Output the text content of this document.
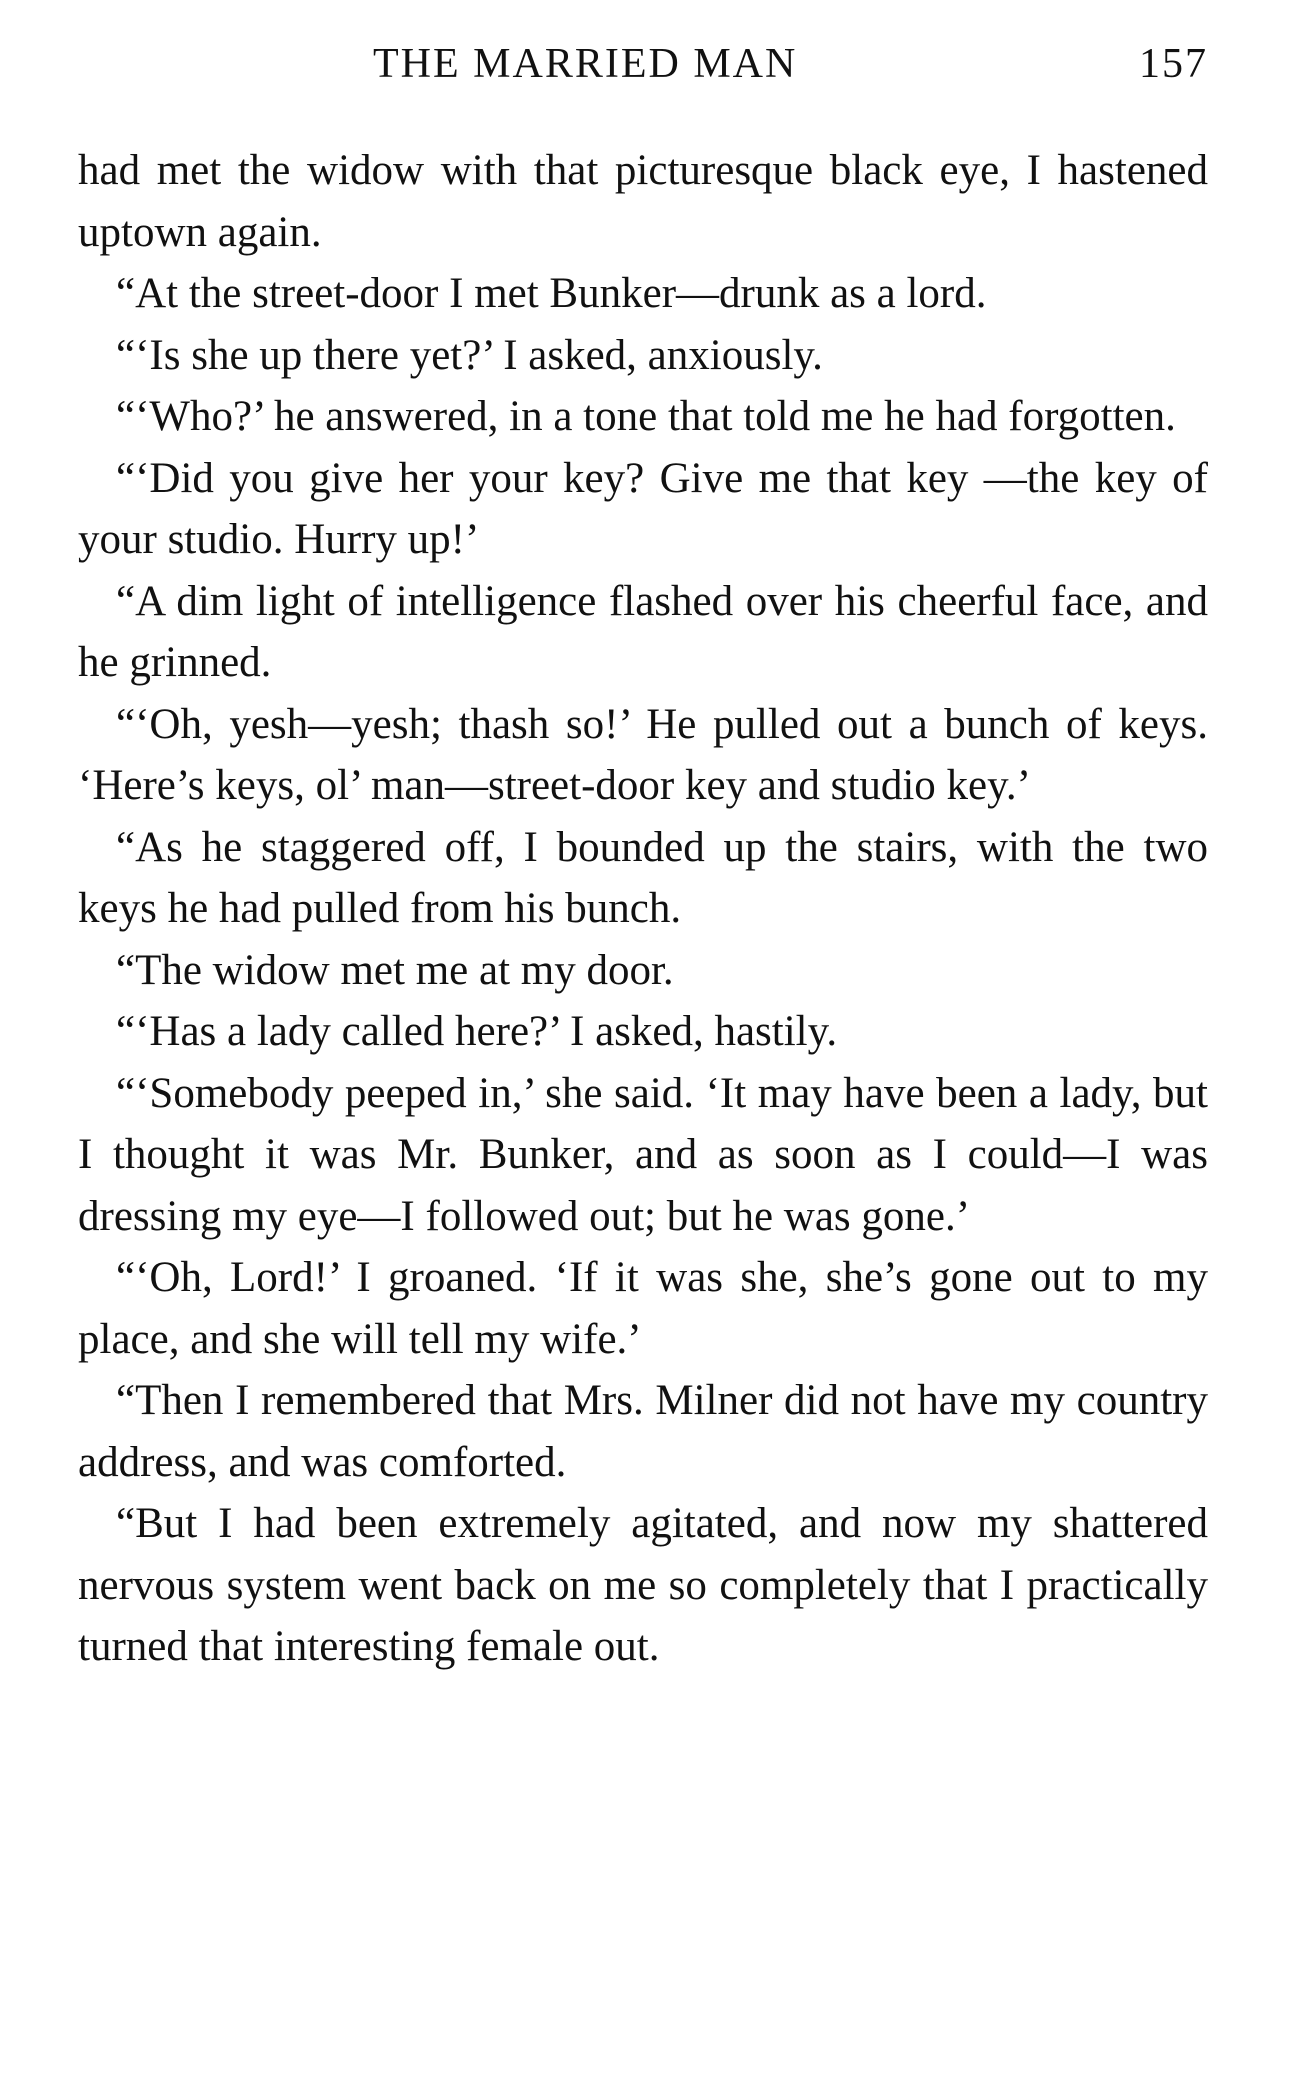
THE MARRIED MAN	157

had met the widow with that picturesque black eye, I hastened uptown again.

“At the street-door I met Bunker—drunk as a lord.

“‘Is she up there yet?’ I asked, anxiously.

“‘Who?’ he answered, in a tone that told me he had forgotten.

“‘Did you give her your key? Give me that key —the key of your studio. Hurry up!’

“A dim light of intelligence flashed over his cheerful face, and he grinned.

“‘Oh, yesh—yesh; thash so!’ He pulled out a bunch of keys. ‘Here’s keys, ol’ man—street-door key and studio key.’

“As he staggered off, I bounded up the stairs, with the two keys he had pulled from his bunch.

“The widow met me at my door.

“‘Has a lady called here?’ I asked, hastily.

“‘Somebody peeped in,’ she said. ‘It may have been a lady, but I thought it was Mr. Bunker, and as soon as I could—I was dressing my eye—I followed out; but he was gone.’

“‘Oh, Lord!’ I groaned. ‘If it was she, she’s gone out to my place, and she will tell my wife.’

“Then I remembered that Mrs. Milner did not have my country address, and was comforted.

“But I had been extremely agitated, and now my shattered nervous system went back on me so completely that I practically turned that interesting female out.
